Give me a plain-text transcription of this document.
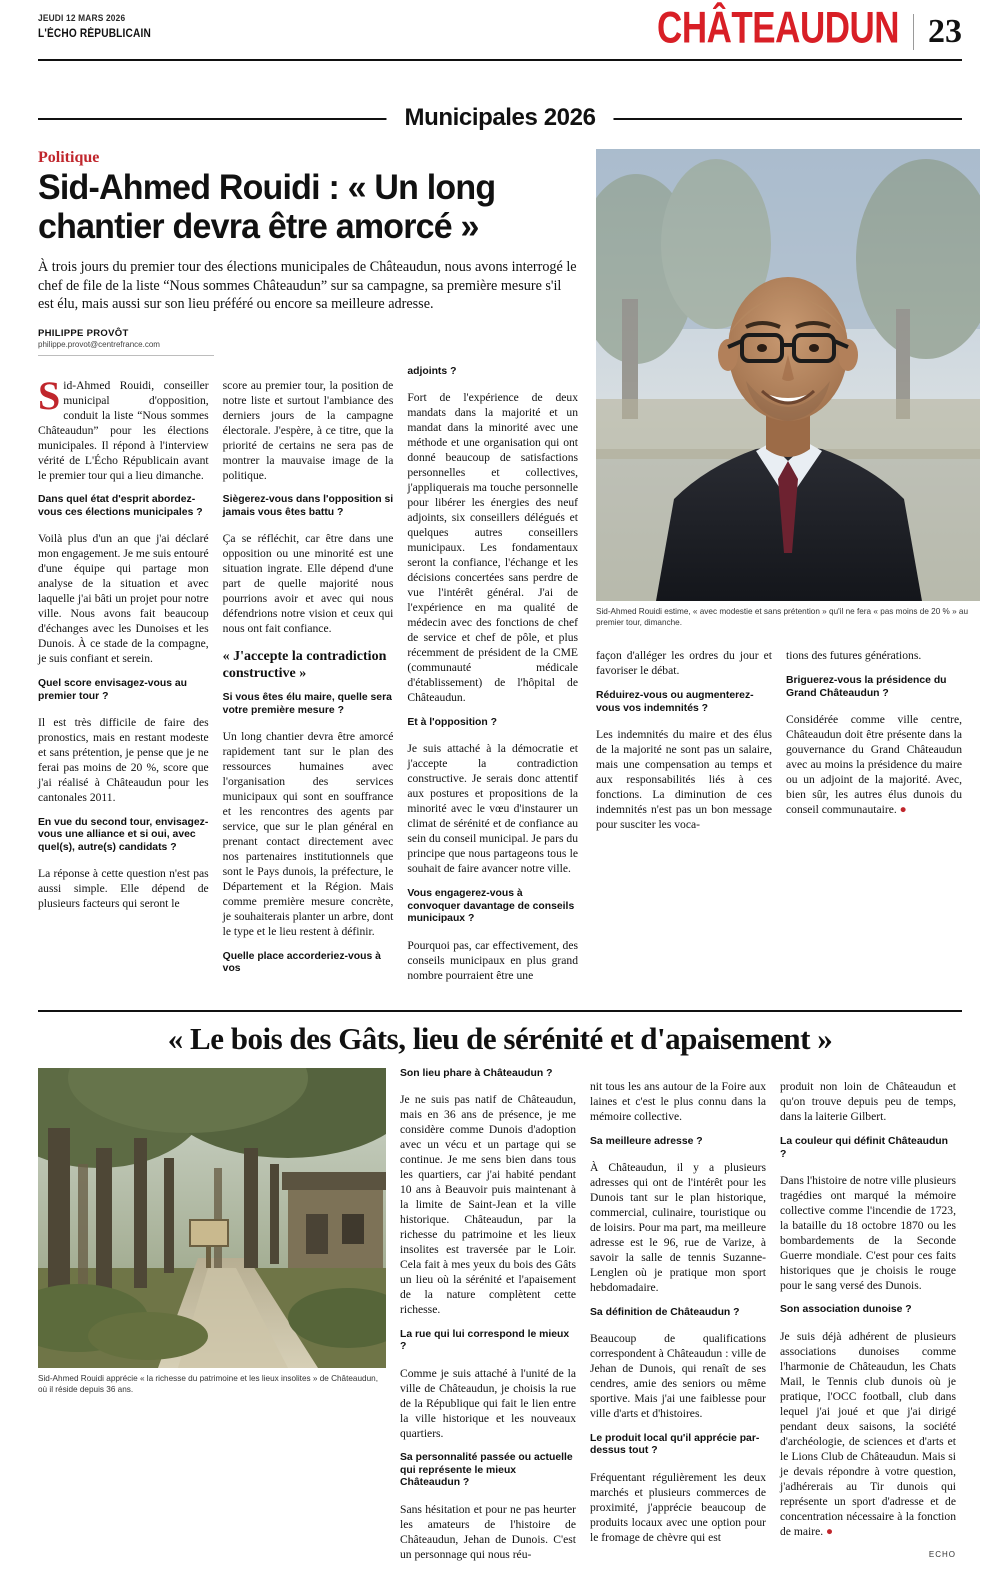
JEUDI 12 MARS 2026
L'ÉCHO RÉPUBLICAIN	CHÂTEAUDUN 23
Municipales 2026
Politique
Sid-Ahmed Rouidi : « Un long chantier devra être amorcé »
À trois jours du premier tour des élections municipales de Châteaudun, nous avons interrogé le chef de file de la liste “Nous sommes Châteaudun” sur sa campagne, sa première mesure s'il est élu, mais aussi sur son lieu préféré ou encore sa meilleure adresse.
PHILIPPE PROVÔT
philippe.provot@centrefrance.com

Sid-Ahmed Rouidi, conseiller municipal d'opposition, conduit la liste “Nous sommes Châteaudun” pour les élections municipales. Il répond à l'interview vérité de L'Écho Républicain avant le premier tour qui a lieu dimanche.

Dans quel état d'esprit abordez-vous ces élections municipales ?

Voilà plus d'un an que j'ai déclaré mon engagement. Je me suis entouré d'une équipe qui partage mon analyse de la situation et avec laquelle j'ai bâti un projet pour notre ville. Nous avons fait beaucoup d'échanges avec les Dunoises et les Dunois. À ce stade de la compagne, je suis confiant et serein.

Quel score envisagez-vous au premier tour ?

Il est très difficile de faire des pronostics, mais en restant modeste et sans prétention, je pense que je ne ferai pas moins de 20 %, score que j'ai réalisé à Châteaudun pour les cantonales 2011.

En vue du second tour, envisagez-vous une alliance et si oui, avec quel(s), autre(s) candidats ?

La réponse à cette question n'est pas aussi simple. Elle dépend de plusieurs facteurs qui seront le

score au premier tour, la position de notre liste et surtout l'ambiance des derniers jours de la campagne électorale. J'espère, à ce titre, que la priorité de certains ne sera pas de montrer la mauvaise image de la politique.

Siègerez-vous dans l'opposition si jamais vous êtes battu ?

Ça se réfléchit, car être dans une opposition ou une minorité est une situation ingrate. Elle dépend d'une part de quelle majorité nous pourrions avoir et avec qui nous défendrions notre vision et ceux qui nous ont fait confiance.

« J'accepte la contradiction constructive »
Si vous êtes élu maire, quelle sera votre première mesure ?

Un long chantier devra être amorcé rapidement tant sur le plan des ressources humaines avec l'organisation des services municipaux qui sont en souffrance et les rencontres des agents par service, que sur le plan général en prenant contact directement avec nos partenaires institutionnels que sont le Pays dunois, la préfecture, le Département et la Région. Mais comme première mesure concrète, je souhaiterais planter un arbre, dont le type et le lieu restent à définir.

Quelle place accorderiez-vous à vos
adjoints ?

Fort de l'expérience de deux mandats dans la majorité et un mandat dans la minorité avec une méthode et une organisation qui ont donné beaucoup de satisfactions personnelles et collectives, j'appliquerais ma touche personnelle pour libérer les énergies des neuf adjoints, six conseillers délégués et quelques autres conseillers municipaux. Les fondamentaux seront la confiance, l'échange et les décisions concertées sans perdre de vue l'intérêt général. J'ai de l'expérience en ma qualité de médecin avec des fonctions de chef de service et chef de pôle, et plus récemment de président de la CME (communauté médicale d'établissement) de l'hôpital de Châteaudun.

Et à l'opposition ?

Je suis attaché à la démocratie et j'accepte la contradiction constructive. Je serais donc attentif aux postures et propositions de la minorité avec le vœu d'instaurer un climat de sérénité et de confiance au sein du conseil municipal. Je pars du principe que nous partageons tous le souhait de faire avancer notre ville.

Vous engagerez-vous à convoquer davantage de conseils municipaux ?

Pourquoi pas, car effectivement, des conseils municipaux en plus grand nombre pourraient être une

Sid-Ahmed Rouidi estime, « avec modestie et sans prétention » qu'il ne fera « pas moins de 20 % » au premier tour, dimanche.

façon d'alléger les ordres du jour et favoriser le débat.

Réduirez-vous ou augmenterez-vous vos indemnités ?

Les indemnités du maire et des élus de la majorité ne sont pas un salaire, mais une compensation au temps et aux responsabilités liés à ces fonctions. La diminution de ces indemnités n'est pas un bon message pour susciter les voca-

tions des futures générations.

Briguerez-vous la présidence du Grand Châteaudun ?

Considérée comme ville centre, Châteaudun doit être présente dans la gouvernance du Grand Châteaudun avec au moins la présidence du maire ou un adjoint de la majorité. Avec, bien sûr, les autres élus dunois du conseil communautaire. ●

« Le bois des Gâts, lieu de sérénité et d'apaisement »
Sid-Ahmed Rouidi apprécie « la richesse du patrimoine et les lieux insolites » de Châteaudun, où il réside depuis 36 ans.
Son lieu phare à Châteaudun ?

Je ne suis pas natif de Châteaudun, mais en 36 ans de présence, je me considère comme Dunois d'adoption avec un vécu et un partage qui se continue. Je me sens bien dans tous les quartiers, car j'ai habité pendant 10 ans à Beauvoir puis maintenant à la limite de Saint-Jean et la ville historique. Châteaudun, par la richesse du patrimoine et les lieux insolites est traversée par le Loir. Cela fait à mes yeux du bois des Gâts un lieu où la sérénité et l'apaisement de la nature complètent cette richesse.

La rue qui lui correspond le mieux ?

Comme je suis attaché à l'unité de la ville de Châteaudun, je choisis la rue de la République qui fait le lien entre la ville historique et les nouveaux quartiers.

Sa personnalité passée ou actuelle qui représente le mieux Châteaudun ?

Sans hésitation et pour ne pas heurter les amateurs de l'histoire de Châteaudun, Jehan de Dunois. C'est un personnage qui nous réu-

nit tous les ans autour de la Foire aux laines et c'est le plus connu dans la mémoire collective.

Sa meilleure adresse ?

À Châteaudun, il y a plusieurs adresses qui ont de l'intérêt pour les Dunois tant sur le plan historique, commercial, culinaire, touristique ou de loisirs. Pour ma part, ma meilleure adresse est le 96, rue de Varize, à savoir la salle de tennis Suzanne-Lenglen où je pratique mon sport hebdomadaire.

Sa définition de Châteaudun ?

Beaucoup de qualifications correspondent à Châteaudun : ville de Jehan de Dunois, qui renaît de ses cendres, amie des seniors ou même sportive. Mais j'ai une faiblesse pour ville d'arts et d'histoires.

Le produit local qu'il apprécie par-dessus tout ?

Fréquentant régulièrement les deux marchés et plusieurs commerces de proximité, j'apprécie beaucoup de produits locaux avec une option pour le fromage de chèvre qui est

produit non loin de Châteaudun et qu'on trouve depuis peu de temps, dans la laiterie Gilbert.

La couleur qui définit Châteaudun ?

Dans l'histoire de notre ville plusieurs tragédies ont marqué la mémoire collective comme l'incendie de 1723, la bataille du 18 octobre 1870 ou les bombardements de la Seconde Guerre mondiale. C'est pour ces faits historiques que je choisis le rouge pour le sang versé des Dunois.

Son association dunoise ?

Je suis déjà adhérent de plusieurs associations dunoises comme l'harmonie de Châteaudun, les Chats Mail, le Tennis club dunois où je pratique, l'OCC football, club dans lequel j'ai joué et que j'ai dirigé pendant deux saisons, la société d'archéologie, de sciences et d'arts et le Lions Club de Châteaudun. Mais si je devais répondre à votre question, j'adhérerais au Tir dunois qui représente un sport d'adresse et de concentration nécessaire à la fonction de maire. ●

ECHO
